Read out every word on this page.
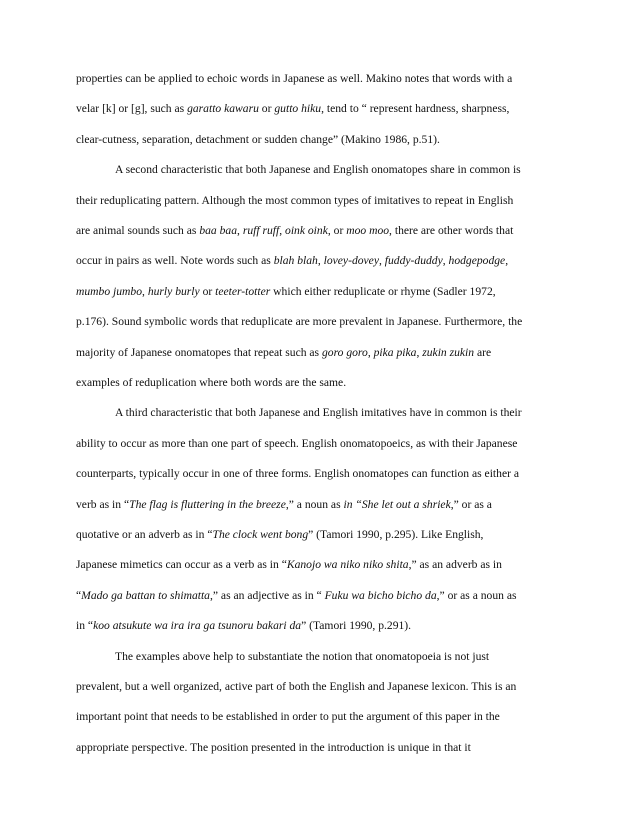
properties can be applied to echoic words in Japanese as well. Makino notes that words with a
velar [k] or [g], such as garatto kawaru or gutto hiku, tend to “ represent hardness, sharpness,
clear-cutness, separation, detachment or sudden change” (Makino 1986, p.51).
A second characteristic that both Japanese and English onomatopes share in common is
their reduplicating pattern. Although the most common types of imitatives to repeat in English
are animal sounds such as baa baa, ruff ruff, oink oink, or moo moo, there are other words that
occur in pairs as well. Note words such as blah blah, lovey-dovey, fuddy-duddy, hodgepodge,
mumbo jumbo, hurly burly or teeter-totter which either reduplicate or rhyme (Sadler 1972,
p.176). Sound symbolic words that reduplicate are more prevalent in Japanese. Furthermore, the
majority of Japanese onomatopes that repeat such as goro goro, pika pika, zukin zukin are
examples of reduplication where both words are the same.
A third characteristic that both Japanese and English imitatives have in common is their
ability to occur as more than one part of speech. English onomatopoeics, as with their Japanese
counterparts, typically occur in one of three forms. English onomatopes can function as either a
verb as in “The flag is fluttering in the breeze,” a noun as in “She let out a shriek,” or as a
quotative or an adverb as in “The clock went bong” (Tamori 1990, p.295). Like English,
Japanese mimetics can occur as a verb as in “Kanojo wa niko niko shita,” as an adverb as in
“Mado ga battan to shimatta,” as an adjective as in “ Fuku wa bicho bicho da,” or as a noun as
in “koo atsukute wa ira ira ga tsunoru bakari da” (Tamori 1990, p.291).
The examples above help to substantiate the notion that onomatopoeia is not just
prevalent, but a well organized, active part of both the English and Japanese lexicon. This is an
important point that needs to be established in order to put the argument of this paper in the
appropriate perspective. The position presented in the introduction is unique in that it
